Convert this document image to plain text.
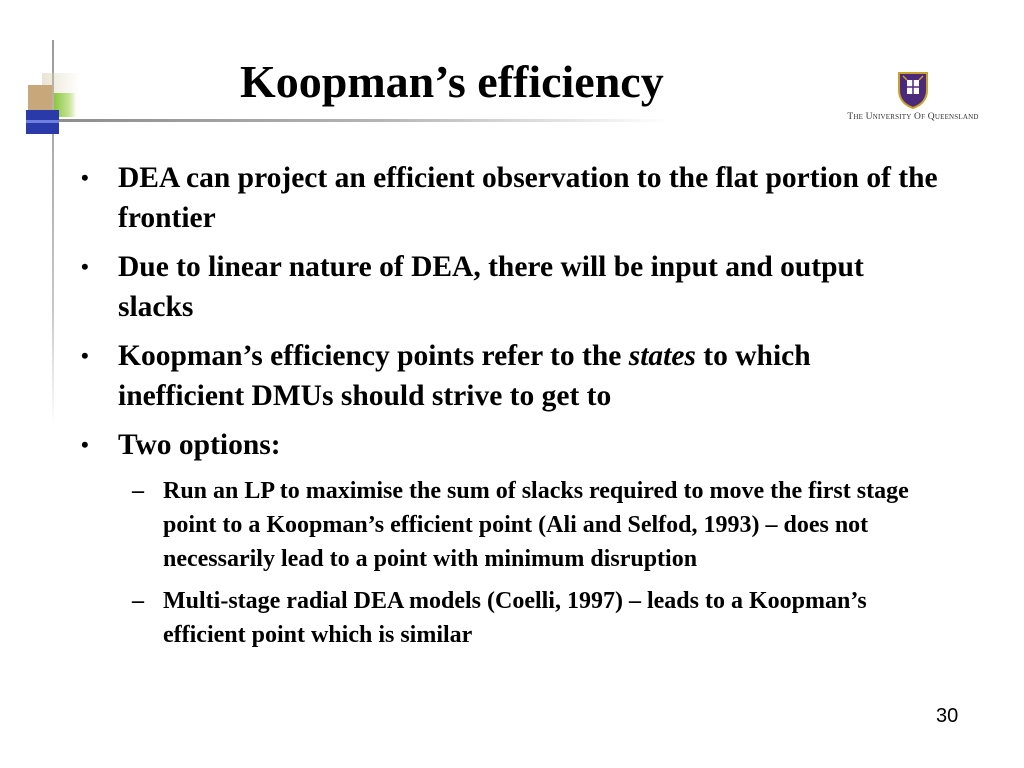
Koopman’s efficiency
The University Of Queensland
• DEA can project an efficient observation to the flat portion of the frontier
• Due to linear nature of DEA, there will be input and output slacks
• Koopman’s efficiency points refer to the states to which inefficient DMUs should strive to get to
• Two options:
– Run an LP to maximise the sum of slacks required to move the first stage point to a Koopman’s efficient point (Ali and Selfod, 1993) – does not necessarily lead to a point with minimum disruption
– Multi-stage radial DEA models (Coelli, 1997) – leads to a Koopman’s efficient point which is similar
30
